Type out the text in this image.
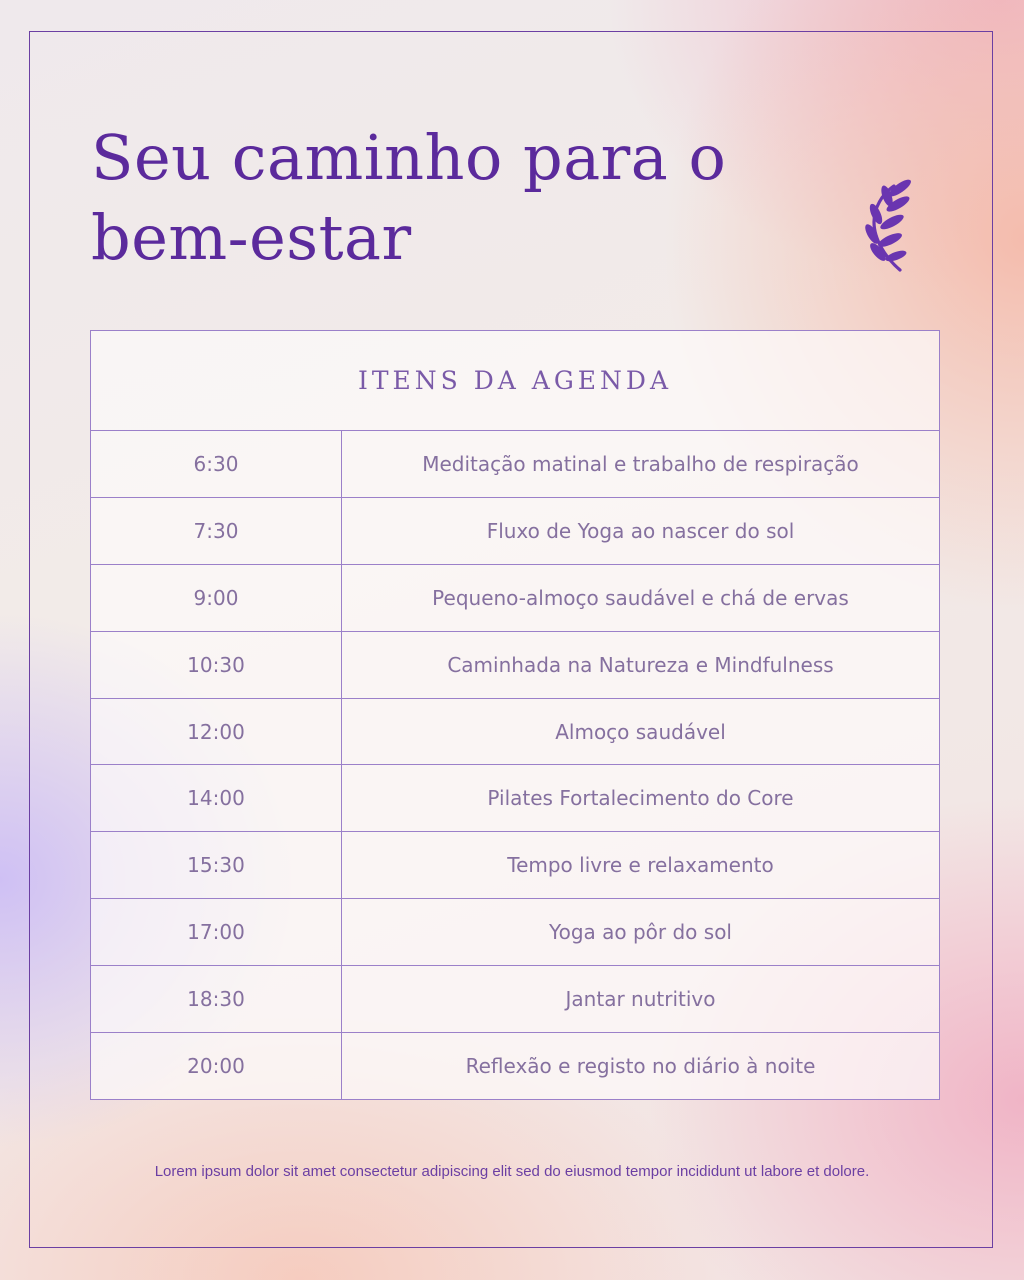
Seu caminho para o bem-estar
ITENS DA AGENDA
6:30	Meditação matinal e trabalho de respiração
7:30	Fluxo de Yoga ao nascer do sol
9:00	Pequeno-almoço saudável e chá de ervas
10:30	Caminhada na Natureza e Mindfulness
12:00	Almoço saudável
14:00	Pilates Fortalecimento do Core
15:30	Tempo livre e relaxamento
17:00	Yoga ao pôr do sol
18:30	Jantar nutritivo
20:00	Reflexão e registo no diário à noite
Lorem ipsum dolor sit amet consectetur adipiscing elit sed do eiusmod tempor incididunt ut labore et dolore.
